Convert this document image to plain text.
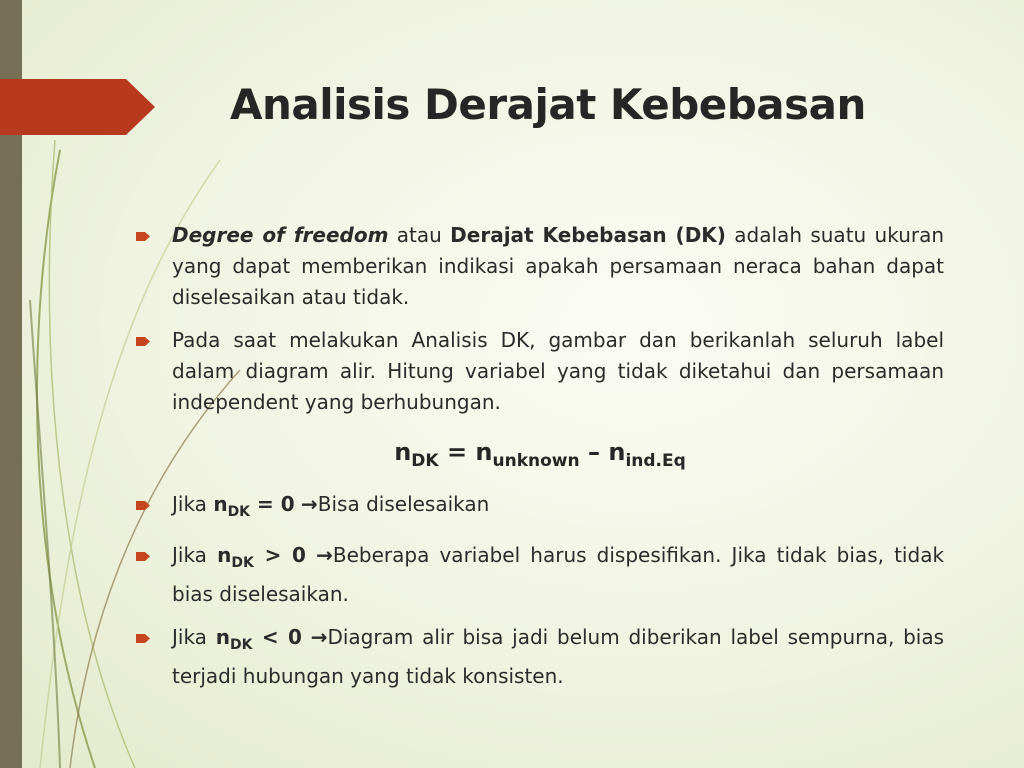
Analisis Derajat Kebebasan
Degree of freedom atau Derajat Kebebasan (DK) adalah suatu ukuran yang dapat memberikan indikasi apakah persamaan neraca bahan dapat diselesaikan atau tidak.
Pada saat melakukan Analisis DK, gambar dan berikanlah seluruh label dalam diagram alir. Hitung variabel yang tidak diketahui dan persamaan independent yang berhubungan.
$n_{DK} = n_{unknown} - n_{ind.Eq}$
Jika $n_{DK} = 0$ →Bisa diselesaikan
Jika $n_{DK} > 0$ →Beberapa variabel harus dispesifikan. Jika tidak bias, tidak bias diselesaikan.
Jika $n_{DK} < 0$ →Diagram alir bisa jadi belum diberikan label sempurna, bias terjadi hubungan yang tidak konsisten.
